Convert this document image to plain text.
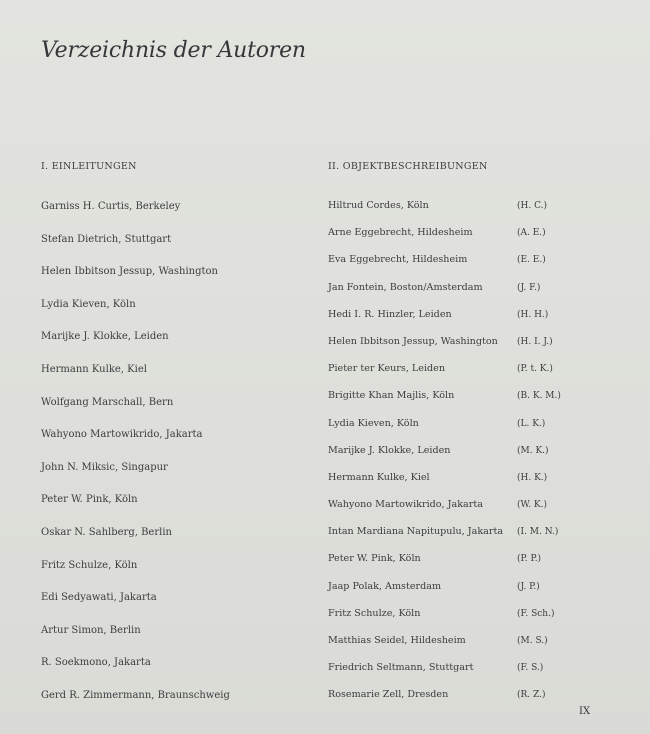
Verzeichnis der Autoren
I. EINLEITUNGEN	II. OBJEKTBESCHREIBUNGEN
Garniss H. Curtis, Berkeley
Stefan Dietrich, Stuttgart
Helen Ibbitson Jessup, Washington
Lydia Kieven, Köln
Marijke J. Klokke, Leiden
Hermann Kulke, Kiel
Wolfgang Marschall, Bern
Wahyono Martowikrido, Jakarta
John N. Miksic, Singapur
Peter W. Pink, Köln
Oskar N. Sahlberg, Berlin
Fritz Schulze, Köln
Edi Sedyawati, Jakarta
Artur Simon, Berlin
R. Soekmono, Jakarta
Gerd R. Zimmermann, Braunschweig
Hiltrud Cordes, Köln	(H. C.)
Arne Eggebrecht, Hildesheim	(A. E.)
Eva Eggebrecht, Hildesheim	(E. E.)
Jan Fontein, Boston/Amsterdam	(J. F.)
Hedi I. R. Hinzler, Leiden	(H. H.)
Helen Ibbitson Jessup, Washington (H. I. J.)
Pieter ter Keurs, Leiden	(P. t. K.)
Brigitte Khan Majlis, Köln	(B. K. M.)
Lydia Kieven, Köln	(L. K.)
Marijke J. Klokke, Leiden	(M. K.)
Hermann Kulke, Kiel	(H. K.)
Wahyono Martowikrido, Jakarta	(W. K.)
Intan Mardiana Napitupulu, Jakarta (I. M. N.)
Peter W. Pink, Köln	(P. P.)
Jaap Polak, Amsterdam	(J. P.)
Fritz Schulze, Köln	(F. Sch.)
Matthias Seidel, Hildesheim	(M. S.)
Friedrich Seltmann, Stuttgart	(F. S.)
Rosemarie Zell, Dresden	(R. Z.)
IX
